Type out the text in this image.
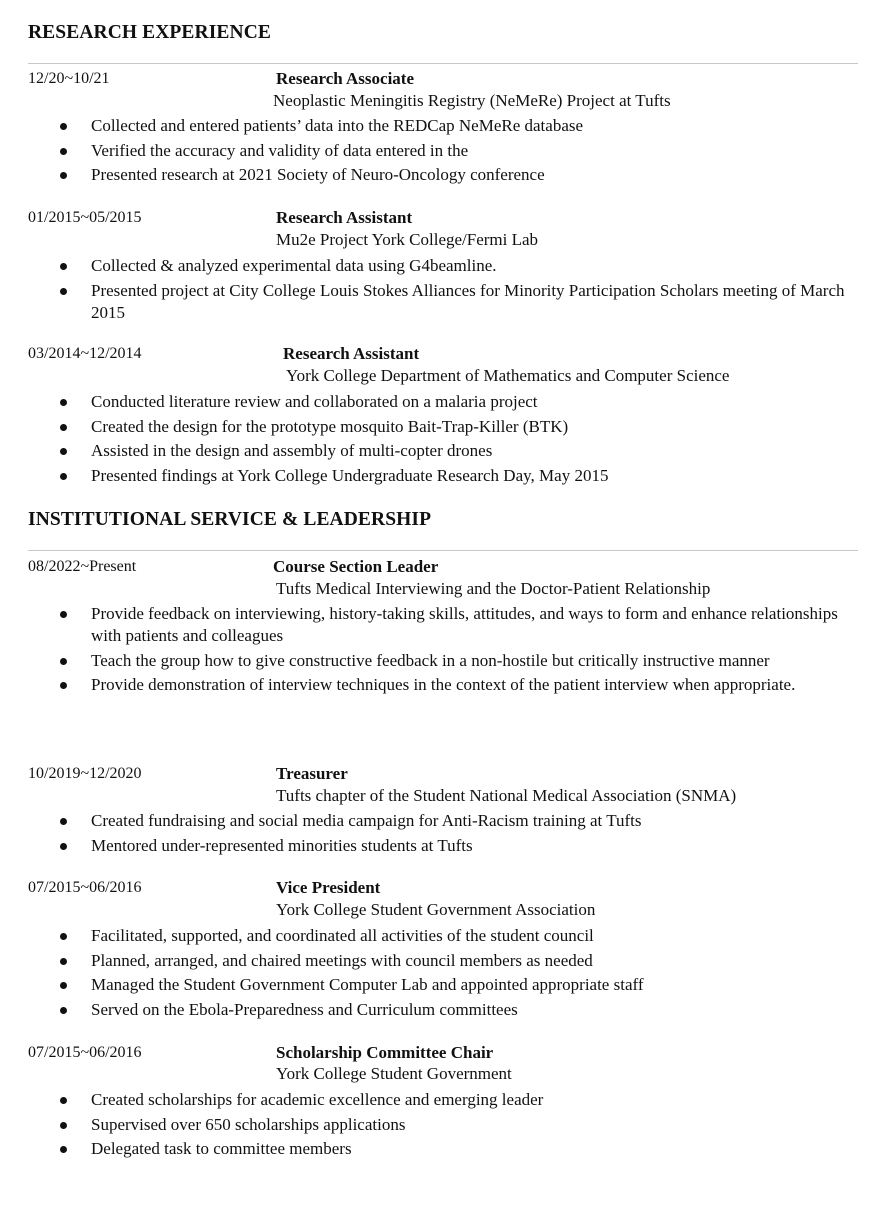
RESEARCH EXPERIENCE
12/20~10/21	Research Associate
Neoplastic Meningitis Registry (NeMeRe) Project at Tufts
Collected and entered patients’ data into the REDCap NeMeRe database
Verified the accuracy and validity of data entered in the
Presented research at 2021 Society of Neuro-Oncology conference
01/2015~05/2015	Research Assistant
Mu2e Project York College/Fermi Lab
Collected & analyzed experimental data using G4beamline.
Presented project at City College Louis Stokes Alliances for Minority Participation Scholars meeting of March 2015
03/2014~12/2014	Research Assistant
York College Department of Mathematics and Computer Science
Conducted literature review and collaborated on a malaria project
Created the design for the prototype mosquito Bait-Trap-Killer (BTK)
Assisted in the design and assembly of multi-copter drones
Presented findings at York College Undergraduate Research Day, May 2015
INSTITUTIONAL SERVICE & LEADERSHIP
08/2022~Present	Course Section Leader
Tufts Medical Interviewing and the Doctor-Patient Relationship
Provide feedback on interviewing, history-taking skills, attitudes, and ways to form and enhance relationships with patients and colleagues
Teach the group how to give constructive feedback in a non-hostile but critically instructive manner
Provide demonstration of interview techniques in the context of the patient interview when appropriate.
10/2019~12/2020	Treasurer
Tufts chapter of the Student National Medical Association (SNMA)
Created fundraising and social media campaign for Anti-Racism training at Tufts
Mentored under-represented minorities students at Tufts
07/2015~06/2016	Vice President
York College Student Government Association
Facilitated, supported, and coordinated all activities of the student council
Planned, arranged, and chaired meetings with council members as needed
Managed the Student Government Computer Lab and appointed appropriate staff
Served on the Ebola-Preparedness and Curriculum committees
07/2015~06/2016	Scholarship Committee Chair
York College Student Government
Created scholarships for academic excellence and emerging leader
Supervised over 650 scholarships applications
Delegated task to committee members
